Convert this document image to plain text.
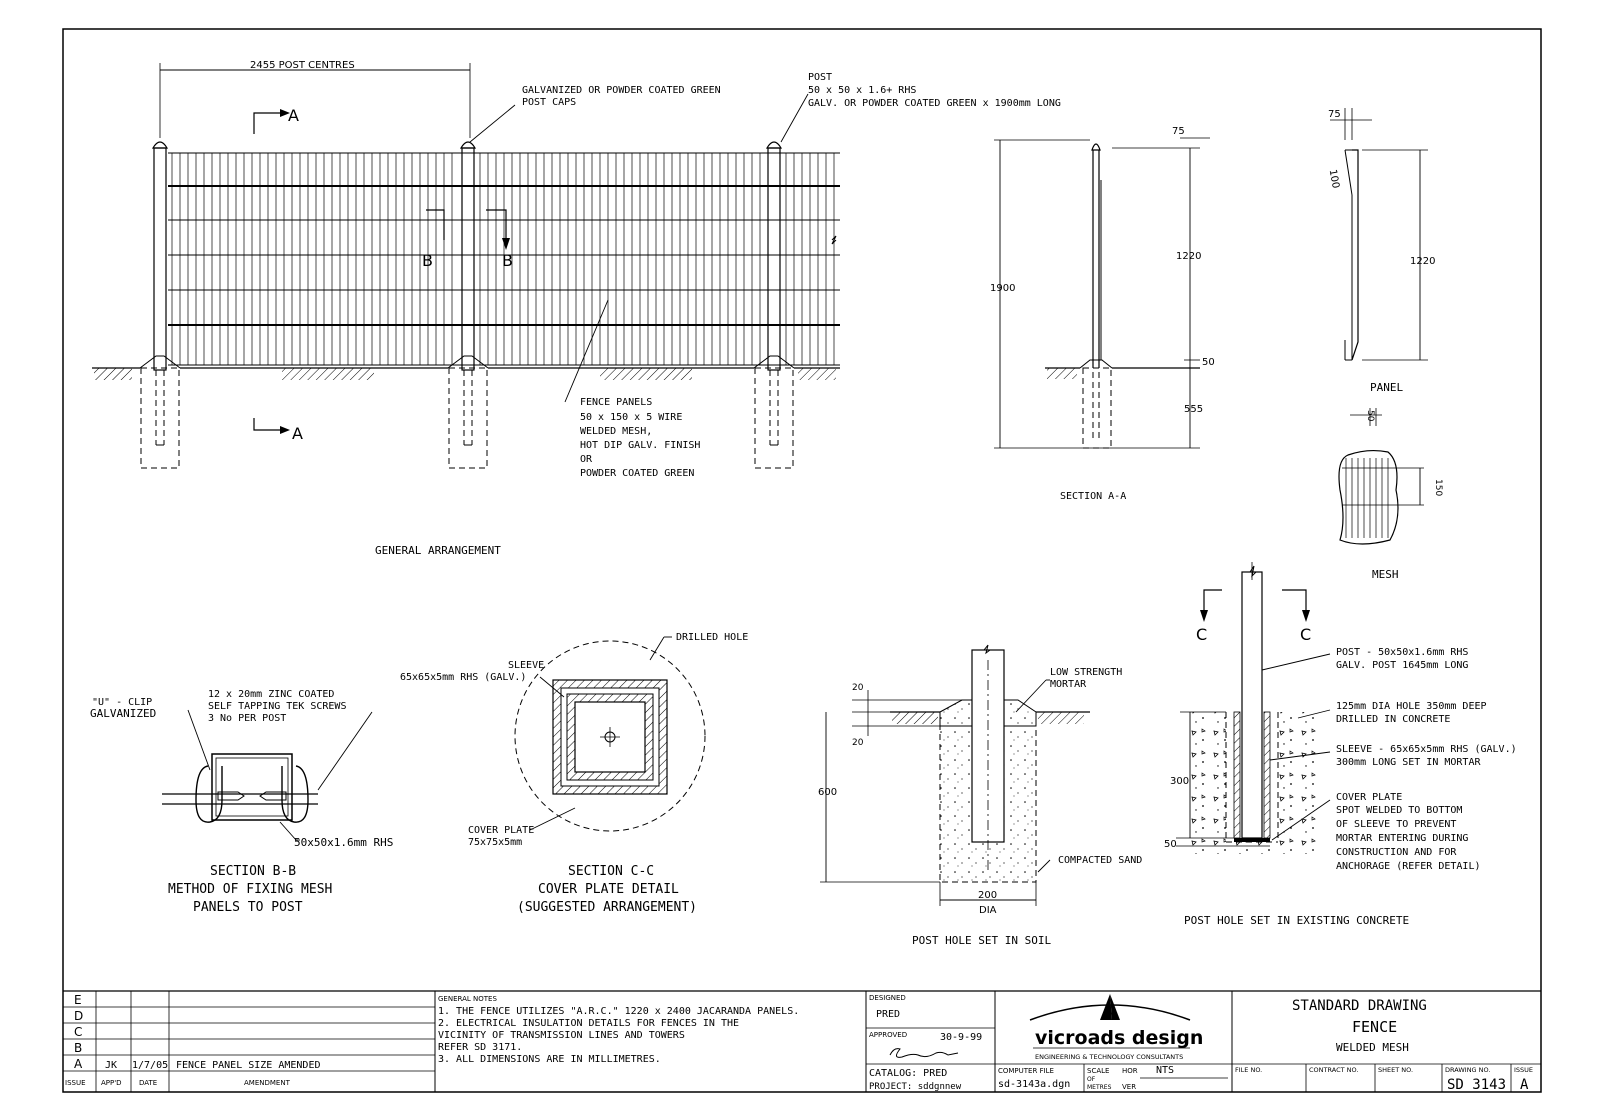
2455 POST CENTRES
A
A
B	B
GALVANIZED OR POWDER COATED GREEN
POST CAPS
POST
50 x 50 x 1.6+ RHS
GALV. OR POWDER COATED GREEN x 1900mm LONG
FENCE PANELS
50 x 150 x 5 WIRE
WELDED MESH,
HOT DIP GALV. FINISH
OR
POWDER COATED GREEN
GENERAL ARRANGEMENT
1900
1220
50
555
75
SECTION A-A
75
100
1220
PANEL
50
150
MESH
"U" - CLIP
GALVANIZED
12 x 20mm ZINC COATED
SELF TAPPING TEK SCREWS
3 No PER POST
50x50x1.6mm RHS
SECTION B-B
METHOD OF FIXING MESH
PANELS TO POST
DRILLED HOLE
SLEEVE
65x65x5mm RHS (GALV.)
COVER PLATE
75x75x5mm
SECTION C-C
COVER PLATE DETAIL
(SUGGESTED ARRANGEMENT)
LOW STRENGTH
MORTAR
COMPACTED SAND
20
20
600
200
DIA
POST HOLE SET IN SOIL
C	C
POST - 50x50x1.6mm RHS
GALV. POST 1645mm LONG
125mm DIA HOLE 350mm DEEP
DRILLED IN CONCRETE
SLEEVE - 65x65x5mm RHS (GALV.)
300mm LONG SET IN MORTAR
COVER PLATE
SPOT WELDED TO BOTTOM
OF SLEEVE TO PREVENT
MORTAR ENTERING DURING
CONSTRUCTION AND FOR
ANCHORAGE (REFER DETAIL)
300
50
POST HOLE SET IN EXISTING CONCRETE
E
D
C
B
A JK 1/7/05 FENCE PANEL SIZE AMENDED
ISSUE APP'D DATE	AMENDMENT
GENERAL NOTES
1. THE FENCE UTILIZES "A.R.C." 1220 x 2400 JACARANDA PANELS.
2. ELECTRICAL INSULATION DETAILS FOR FENCES IN THE
VICINITY OF TRANSMISSION LINES AND TOWERS
REFER SD 3171.
3. ALL DIMENSIONS ARE IN MILLIMETRES.
DESIGNED
PRED
APPROVED	30-9-99
CATALOG: PRED
PROJECT: sddgnnew
vicroads design
ENGINEERING & TECHNOLOGY CONSULTANTS
COMPUTER FILE
sd-3143a.dgn
SCALE
OF
METRES
HOR
VER
NTS
STANDARD DRAWING
FENCE
WELDED MESH
FILE NO.	CONTRACT NO.	SHEET NO.	DRAWING NO.
SD 3143
ISSUE
A
